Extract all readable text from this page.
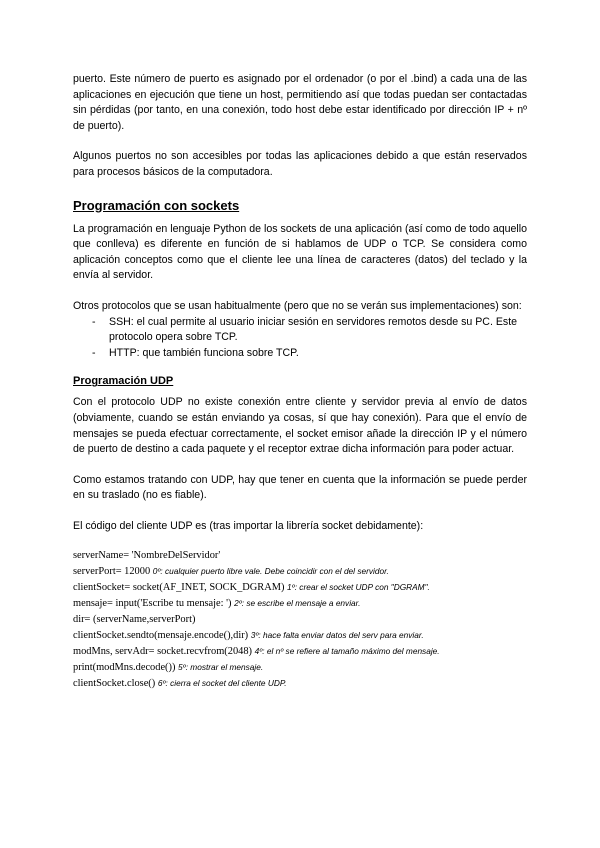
puerto. Este número de puerto es asignado por el ordenador (o por el .bind) a cada una de las aplicaciones en ejecución que tiene un host, permitiendo así que todas puedan ser contactadas sin pérdidas (por tanto, en una conexión, todo host debe estar identificado por dirección IP + nº de puerto).

Algunos puertos no son accesibles por todas las aplicaciones debido a que están reservados para procesos básicos de la computadora.

Programación con sockets

La programación en lenguaje Python de los sockets de una aplicación (así como de todo aquello que conlleva) es diferente en función de si hablamos de UDP o TCP. Se considera como aplicación conceptos como que el cliente lee una línea de caracteres (datos) del teclado y la envía al servidor.

Otros protocolos que se usan habitualmente (pero que no se verán sus implementaciones) son:

- SSH: el cual permite al usuario iniciar sesión en servidores remotos desde su PC. Este protocolo opera sobre TCP.
- HTTP: que también funciona sobre TCP.
Programación UDP

Con el protocolo UDP no existe conexión entre cliente y servidor previa al envío de datos (obviamente, cuando se están enviando ya cosas, sí que hay conexión). Para que el envío de mensajes se pueda efectuar correctamente, el socket emisor añade la dirección IP y el número de puerto de destino a cada paquete y el receptor extrae dicha información para poder actuar.

Como estamos tratando con UDP, hay que tener en cuenta que la información se puede perder en su traslado (no es fiable).

El código del cliente UDP es (tras importar la librería socket debidamente):

serverName= 'NombreDelServidor'
serverPort= 12000 0º: cualquier puerto libre vale. Debe coincidir con el del servidor.
clientSocket= socket(AF_INET, SOCK_DGRAM) 1º: crear el socket UDP con "DGRAM".
mensaje= input('Escribe tu mensaje: ') 2º: se escribe el mensaje a enviar.
dir= (serverName,serverPort)
clientSocket.sendto(mensaje.encode(),dir) 3º: hace falta enviar datos del serv para enviar.
modMns, servAdr= socket.recvfrom(2048) 4º: el nº se refiere al tamaño máximo del mensaje.
print(modMns.decode()) 5º: mostrar el mensaje.
clientSocket.close() 6º: cierra el socket del cliente UDP.
